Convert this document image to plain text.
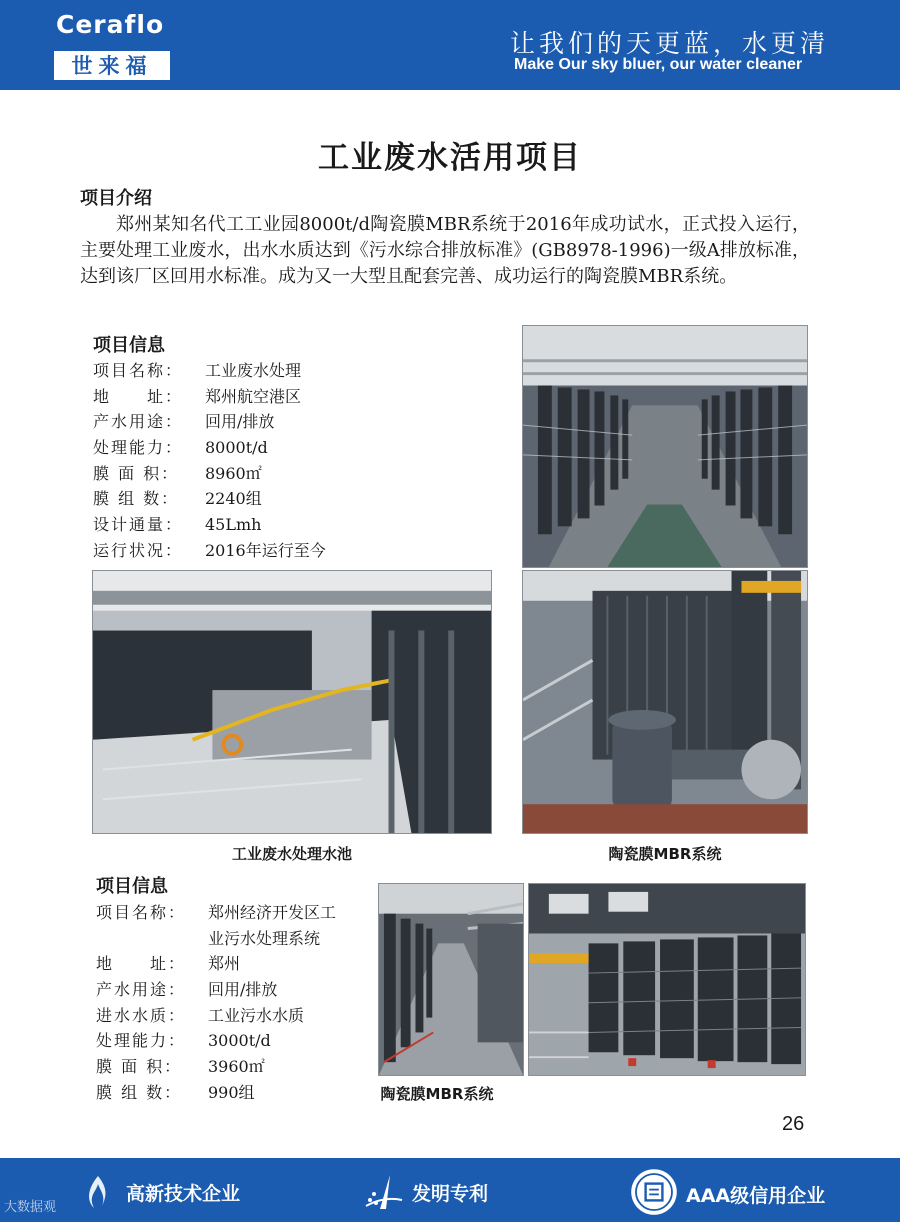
Ceraflo
世来福
让我们的天更蓝，水更清
Make Our sky bluer, our water cleaner
工业废水活用项目
项目介绍

郑州某知名代工工业园8000t/d陶瓷膜MBR系统于2016年成功试水，正式投入运行，主要处理工业废水，出水水质达到《污水综合排放标准》(GB8978-1996)一级A排放标准，达到该厂区回用水标准。成为又一大型且配套完善、成功运行的陶瓷膜MBR系统。

项目信息
项目名称：	工业废水处理
地　　址：	郑州航空港区
产水用途：	回用/排放
处理能力：	8000t/d
膜 面 积：	8960㎡
膜 组 数：	2240组
设计通量：	45Lmh
运行状况：	2016年运行至今
工业废水处理水池	陶瓷膜MBR系统
项目信息
项目名称：	郑州经济开发区工
业污水处理系统
地　　址：	郑州
产水用途：	回用/排放
进水水质：	工业污水水质
处理能力：	3000t/d
膜 面 积：	3960㎡
膜 组 数：	990组	陶瓷膜MBR系统
26
高新技术企业	发明专利	AAA级信用企业
大数据观
